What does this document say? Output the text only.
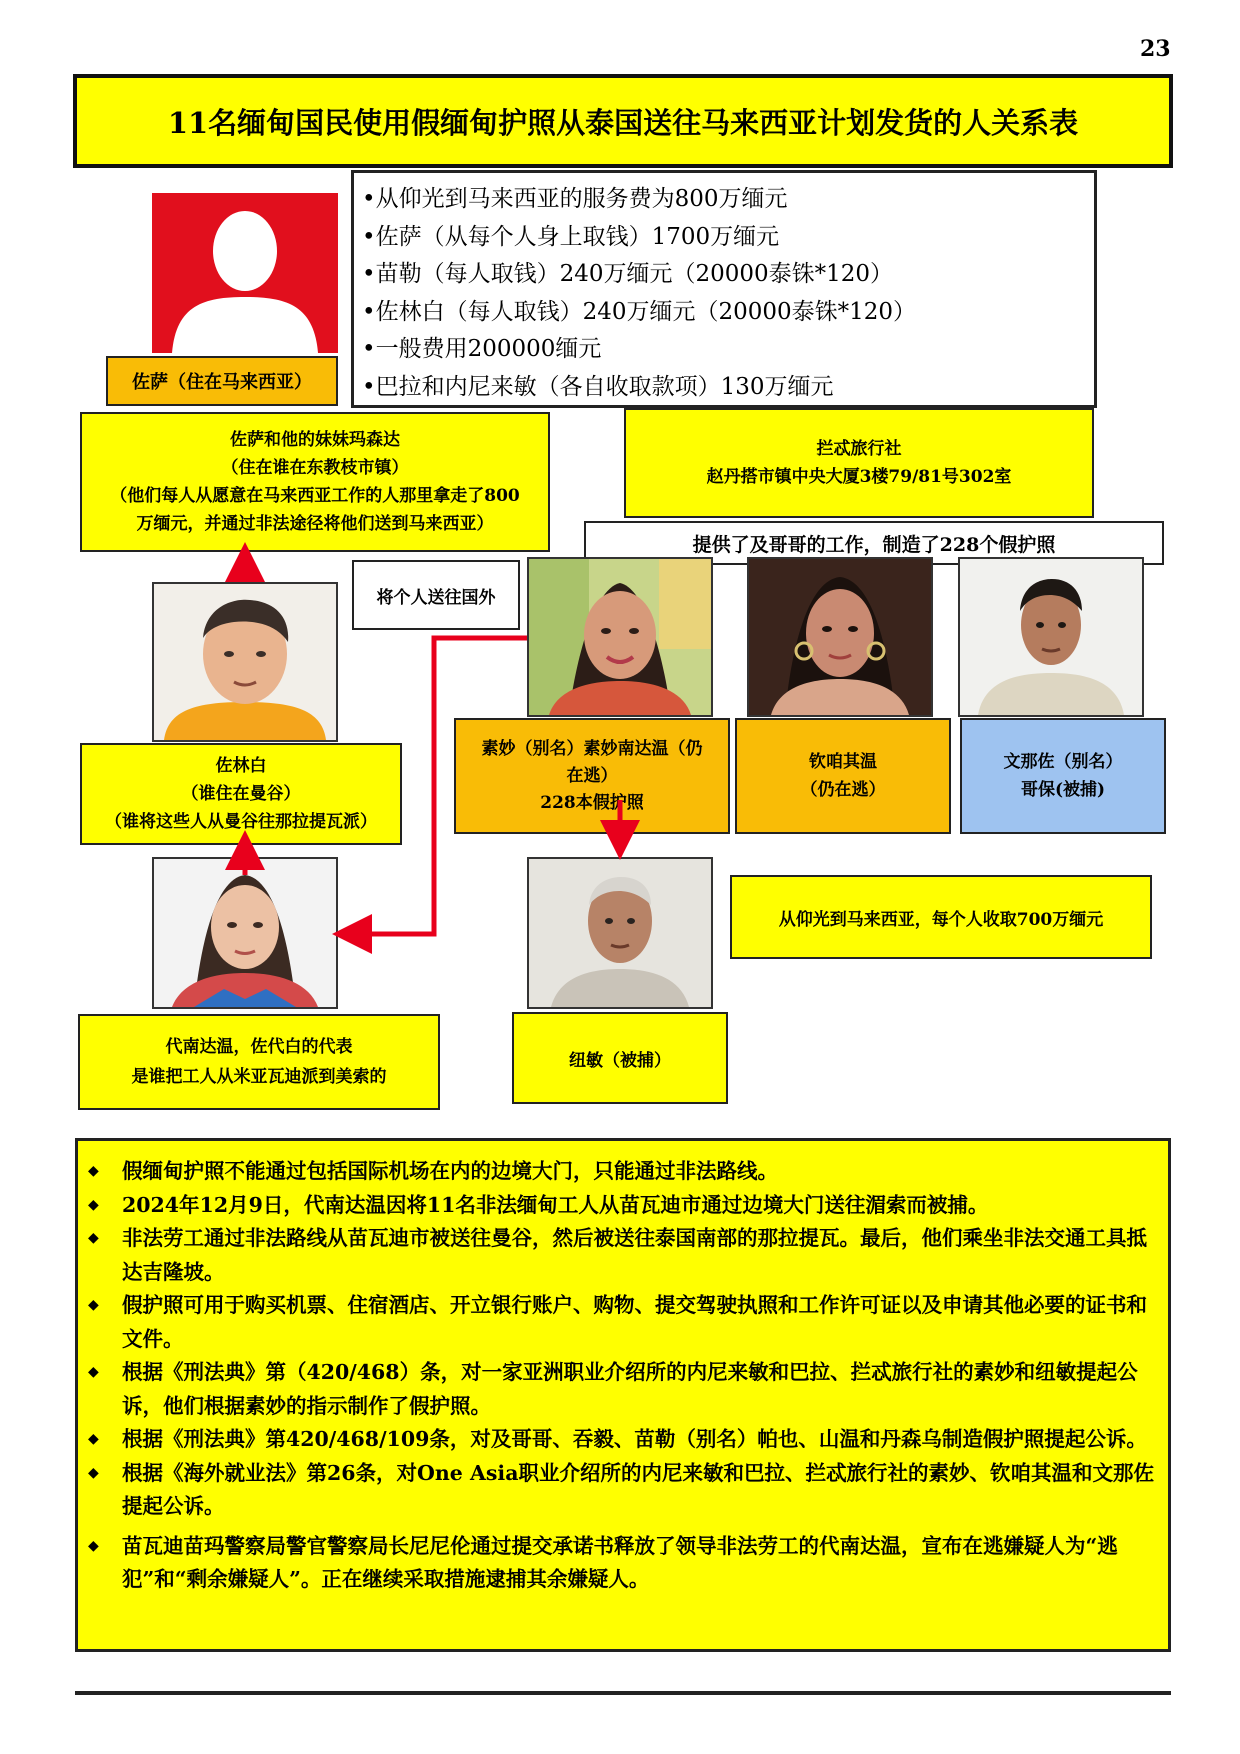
23
11名缅甸国民使用假缅甸护照从泰国送往马来西亚计划发货的人关系表
•从仰光到马来西亚的服务费为800万缅元
•佐萨（从每个人身上取钱）1700万缅元
•苗勒（每人取钱）240万缅元（20000泰铢*120）
•佐林白（每人取钱）240万缅元（20000泰铢*120）
•一般费用200000缅元
•巴拉和内尼来敏（各自收取款项）130万缅元
佐萨（住在马来西亚）
佐萨和他的妹妹玛森达
（住在谁在东教枝市镇）
（他们每人从愿意在马来西亚工作的人那里拿走了800
万缅元，并通过非法途径将他们送到马来西亚）
拦忒旅行社
赵丹搭市镇中央大厦3楼79/81号302室
提供了及哥哥的工作，制造了228个假护照
将个人送往国外
佐林白
（谁住在曼谷）
（谁将这些人从曼谷往那拉提瓦派）
素妙（别名）素妙南达温（仍
在逃）
228本假护照
钦咱其温
（仍在逃）
文那佐（别名）
哥保(被捕)
从仰光到马来西亚，每个人收取700万缅元
代南达温，佐代白的代表
是谁把工人从米亚瓦迪派到美索的
纽敏（被捕）
◆ 假缅甸护照不能通过包括国际机场在内的边境大门，只能通过非法路线。
◆ 2024年12月9日，代南达温因将11名非法缅甸工人从苗瓦迪市通过边境大门送往湄索而被捕。
◆ 非法劳工通过非法路线从苗瓦迪市被送往曼谷，然后被送往泰国南部的那拉提瓦。最后，他们乘坐非法交通工具抵达吉隆坡。
◆ 假护照可用于购买机票、住宿酒店、开立银行账户、购物、提交驾驶执照和工作许可证以及申请其他必要的证书和文件。
◆ 根据《刑法典》第（420/468）条，对一家亚洲职业介绍所的内尼来敏和巴拉、拦忒旅行社的素妙和纽敏提起公诉，他们根据素妙的指示制作了假护照。
◆ 根据《刑法典》第420/468/109条，对及哥哥、吞毅、苗勒（别名）帕也、山温和丹森乌制造假护照提起公诉。
◆ 根据《海外就业法》第26条，对One Asia职业介绍所的内尼来敏和巴拉、拦忒旅行社的素妙、钦咱其温和文那佐提起公诉。
◆ 苗瓦迪苗玛警察局警官警察局长尼尼伦通过提交承诺书释放了领导非法劳工的代南达温，宣布在逃嫌疑人为“逃犯”和“剩余嫌疑人”。正在继续采取措施逮捕其余嫌疑人。
